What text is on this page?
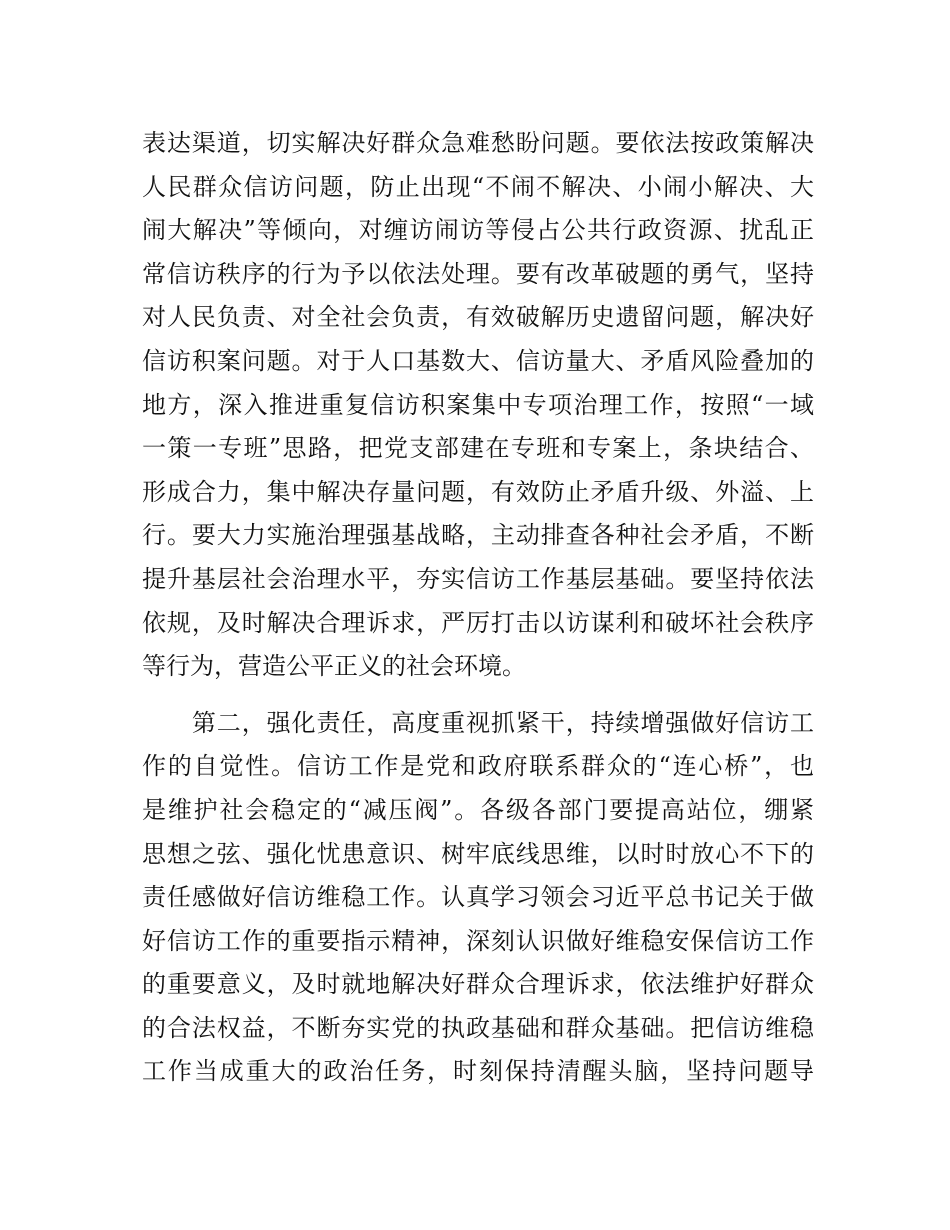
表达渠道，切实解决好群众急难愁盼问题。要依法按政策解决
人民群众信访问题，防止出现“不闹不解决、小闹小解决、大
闹大解决”等倾向，对缠访闹访等侵占公共行政资源、扰乱正
常信访秩序的行为予以依法处理。要有改革破题的勇气，坚持
对人民负责、对全社会负责，有效破解历史遗留问题，解决好
信访积案问题。对于人口基数大、信访量大、矛盾风险叠加的
地方，深入推进重复信访积案集中专项治理工作，按照“一域
一策一专班”思路，把党支部建在专班和专案上，条块结合、
形成合力，集中解决存量问题，有效防止矛盾升级、外溢、上
行。要大力实施治理强基战略，主动排查各种社会矛盾，不断
提升基层社会治理水平，夯实信访工作基层基础。要坚持依法
依规，及时解决合理诉求，严厉打击以访谋利和破坏社会秩序
等行为，营造公平正义的社会环境。
　　第二，强化责任，高度重视抓紧干，持续增强做好信访工
作的自觉性。信访工作是党和政府联系群众的“连心桥”，也
是维护社会稳定的“减压阀”。各级各部门要提高站位，绷紧
思想之弦、强化忧患意识、树牢底线思维，以时时放心不下的
责任感做好信访维稳工作。认真学习领会习近平总书记关于做
好信访工作的重要指示精神，深刻认识做好维稳安保信访工作
的重要意义，及时就地解决好群众合理诉求，依法维护好群众
的合法权益，不断夯实党的执政基础和群众基础。把信访维稳
工作当成重大的政治任务，时刻保持清醒头脑，坚持问题导
